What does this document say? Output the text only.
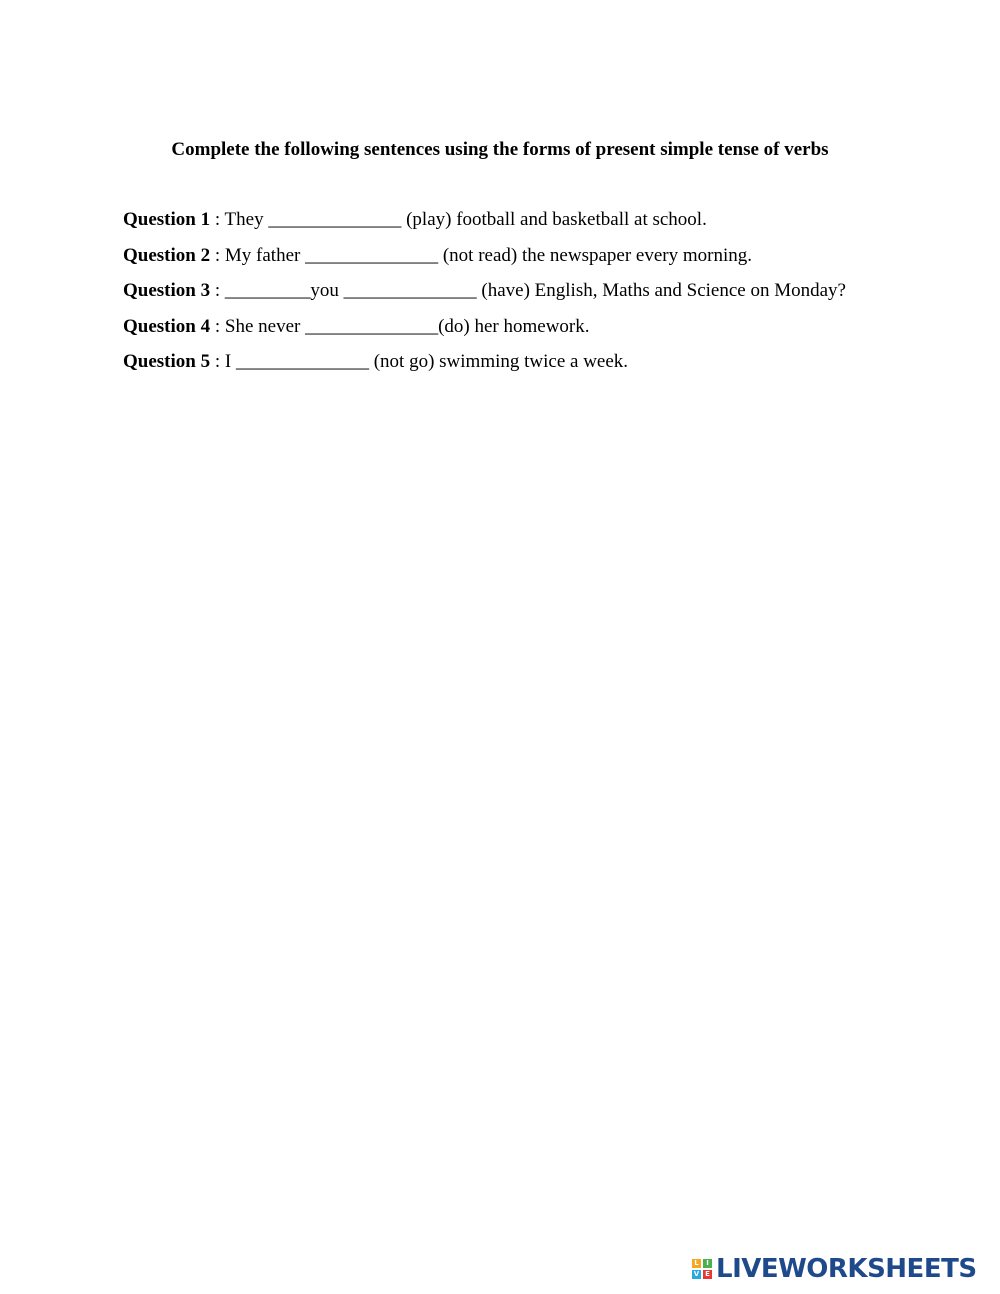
Complete the following sentences using the forms of present simple tense of verbs
Question 1 : They ______________ (play) football and basketball at school.
Question 2 : My father ______________ (not read) the newspaper every morning.
Question 3 : _________you ______________ (have) English, Maths and Science on Monday?
Question 4 : She never ______________(do) her homework.
Question 5 : I ______________ (not go) swimming twice a week.
L	I
V E LIVEWORKSHEETS
